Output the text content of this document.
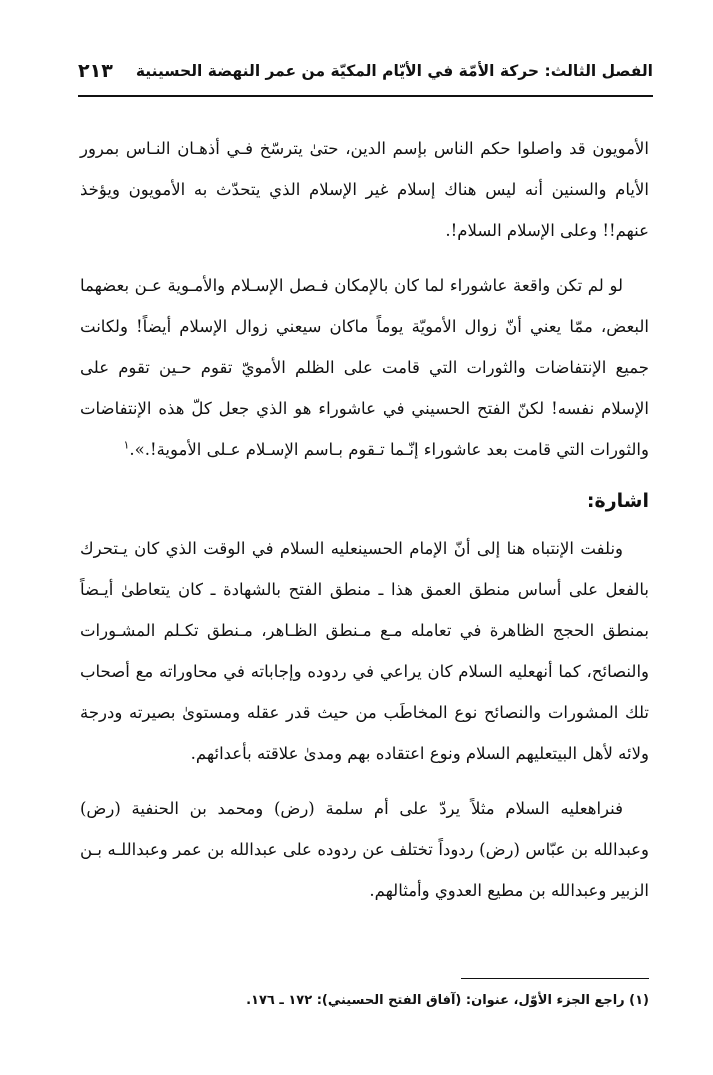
الفصل الثالث: حركة الأمّة في الأيّام المكيّة من عمر النهضة الحسينية
٢١٣

الأمويون قد واصلوا حكم الناس بإسم الدين، حتىٰ يترسّخ فـي أذهـان النـاس بمرور الأيام والسنين أنه ليس هناك إسلام غير الإسلام الذي يتحدّث به الأمويون ويؤخذ عنهم!! وعلى الإسلام السلام!.

لو لم تكن واقعة عاشوراء لما كان بالإمكان فـصل الإسـلام والأمـوية عـن بعضهما البعض، ممّا يعني أنّ زوال الأمويّة يوماً ماكان سيعني زوال الإسلام أيضاً! ولكانت جميع الإنتفاضات والثورات التي قامت على الظلم الأمويّ تقوم حـين تقوم على الإسلام نفسه! لكنّ الفتح الحسيني في عاشوراء هو الذي جعل كلّ هذه الإنتفاضات والثورات التي قامت بعد عاشوراء إنّـما تـقوم بـاسم الإسـلام عـلى الأموية!.».$^١$

اشارة:

ونلفت الإنتباه هنا إلى أنّ الإمام الحسينعليه السلام في الوقت الذي كان يـتحرك بالفعل على أساس منطق العمق هذا ـ منطق الفتح بالشهادة ـ كان يتعاطىٰ أيـضاً بمنطق الحجج الظاهرة في تعامله مـع مـنطق الظـاهر، مـنطق تكـلم المشـورات والنصائح، كما أنهعليه السلام كان يراعي في ردوده وإجاباته في محاوراته مع أصحاب تلك المشورات والنصائح نوع المخاطَب من حيث قدر عقله ومستوىٰ بصيرته ودرجة ولائه لأهل البيتعليهم السلام ونوع اعتقاده بهم ومدىٰ علاقته بأعدائهم.

فنراهعليه السلام مثلاً يردّ على أم سلمة (رض) ومحمد بن الحنفية (رض) وعبدالله بن عبّاس (رض) ردوداً تختلف عن ردوده على عبدالله بن عمر وعبداللـه بـن الزبير وعبدالله بن مطيع العدوي وأمثالهم.

(١) راجع الجزء الأوّل، عنوان: (آفاق الفتح الحسيني): ١٧٢ ـ ١٧٦.
